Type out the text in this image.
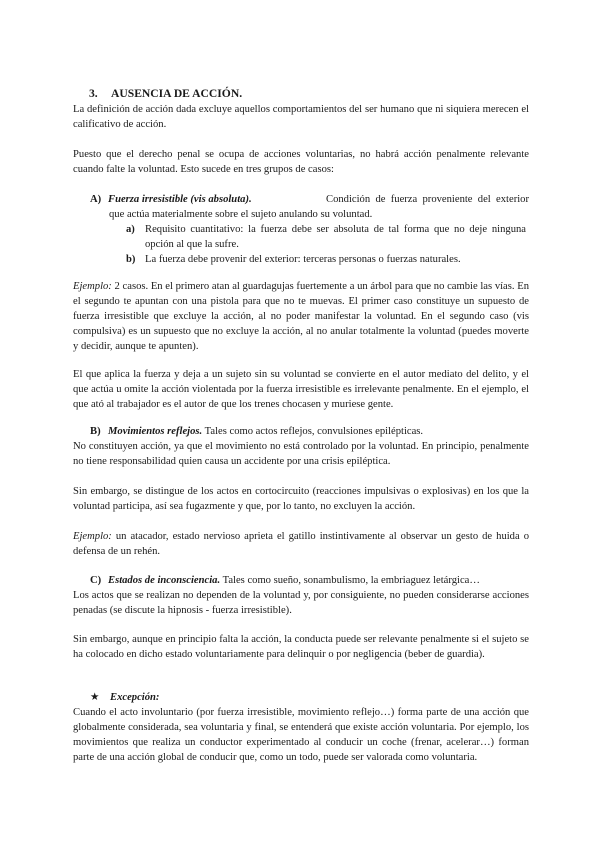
3. AUSENCIA DE ACCIÓN.

La definición de acción dada excluye aquellos comportamientos del ser humano que ni siquiera merecen el calificativo de acción.

Puesto que el derecho penal se ocupa de acciones voluntarias, no habrá acción penalmente relevante cuando falte la voluntad. Esto sucede en tres grupos de casos:

A) Fuerza irresistible (vis absoluta).	Condición de fuerza proveniente del exterior que actúa materialmente sobre el sujeto anulando su voluntad.

a) Requisito cuantitativo: la fuerza debe ser absoluta de tal forma que no deje ninguna opción al que la sufre.
b) La fuerza debe provenir del exterior: terceras personas o fuerzas naturales.

Ejemplo: 2 casos. En el primero atan al guardagujas fuertemente a un árbol para que no cambie las vías. En el segundo te apuntan con una pistola para que no te muevas. El primer caso constituye un supuesto de fuerza irresistible que excluye la acción, al no poder manifestar la voluntad. En el segundo caso (vis compulsiva) es un supuesto que no excluye la acción, al no anular totalmente la voluntad (puedes moverte y decidir, aunque te apunten).

El que aplica la fuerza y deja a un sujeto sin su voluntad se convierte en el autor mediato del delito, y el que actúa u omite la acción violentada por la fuerza irresistible es irrelevante penalmente. En el ejemplo, el que ató al trabajador es el autor de que los trenes chocasen y muriese gente.

B) Movimientos reflejos. Tales como actos reflejos, convulsiones epilépticas.

No constituyen acción, ya que el movimiento no está controlado por la voluntad. En principio, penalmente no tiene responsabilidad quien causa un accidente por una crisis epiléptica.

Sin embargo, se distingue de los actos en cortocircuito (reacciones impulsivas o explosivas) en los que la voluntad participa, así sea fugazmente y que, por lo tanto, no excluyen la acción.

Ejemplo: un atacador, estado nervioso aprieta el gatillo instintivamente al observar un gesto de huida o defensa de un rehén.

C) Estados de inconsciencia. Tales como sueño, sonambulismo, la embriaguez letárgica…

Los actos que se realizan no dependen de la voluntad y, por consiguiente, no pueden considerarse acciones penadas (se discute la hipnosis - fuerza irresistible).

Sin embargo, aunque en principio falta la acción, la conducta puede ser relevante penalmente si el sujeto se ha colocado en dicho estado voluntariamente para delinquir o por negligencia (beber de guardia).

★ Excepción:

Cuando el acto involuntario (por fuerza irresistible, movimiento reflejo…) forma parte de una acción que globalmente considerada, sea voluntaria y final, se entenderá que existe acción voluntaria. Por ejemplo, los movimientos que realiza un conductor experimentado al conducir un coche (frenar, acelerar…) forman parte de una acción global de conducir que, como un todo, puede ser valorada como voluntaria.
